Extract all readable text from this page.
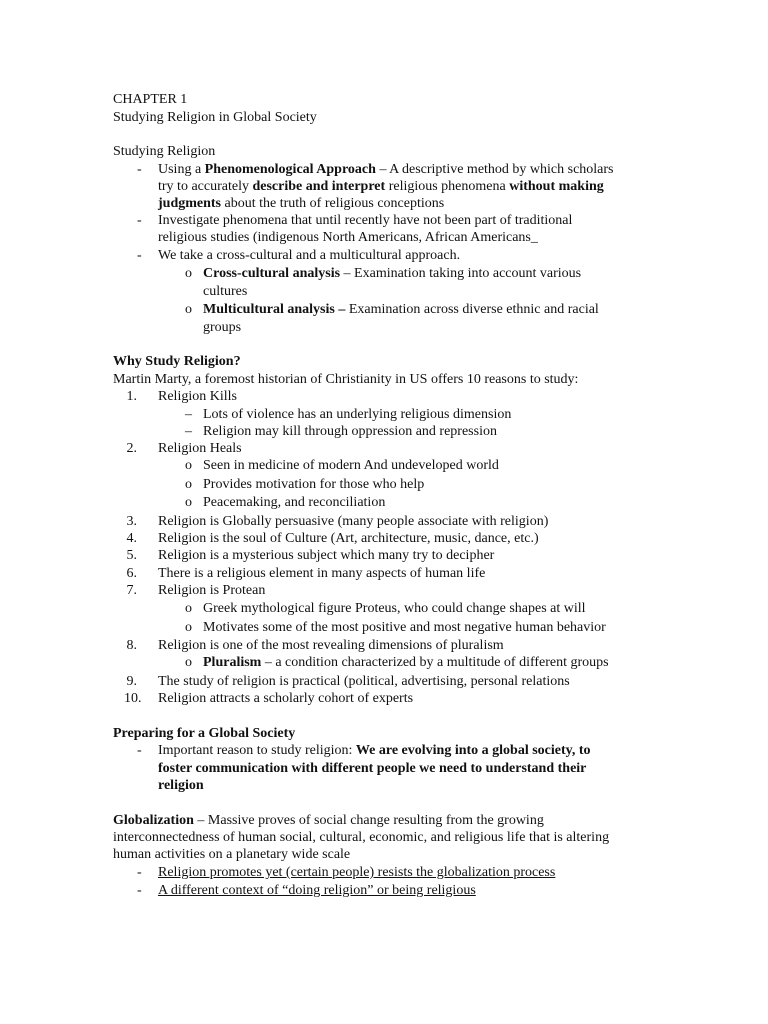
CHAPTER 1
Studying Religion in Global Society
Studying Religion
- Using a Phenomenological Approach – A descriptive method by which scholars
try to accurately describe and interpret religious phenomena without making
judgments about the truth of religious conceptions
- Investigate phenomena that until recently have not been part of traditional
religious studies (indigenous North Americans, African Americans_
- We take a cross-cultural and a multicultural approach.
o Cross-cultural analysis – Examination taking into account various
cultures
o Multicultural analysis – Examination across diverse ethnic and racial
groups
Why Study Religion?
Martin Marty, a foremost historian of Christianity in US offers 10 reasons to study:
1. Religion Kills
– Lots of violence has an underlying religious dimension
– Religion may kill through oppression and repression
2. Religion Heals
o Seen in medicine of modern And undeveloped world
o Provides motivation for those who help
o Peacemaking, and reconciliation
3. Religion is Globally persuasive (many people associate with religion)
4. Religion is the soul of Culture (Art, architecture, music, dance, etc.)
5. Religion is a mysterious subject which many try to decipher
6. There is a religious element in many aspects of human life
7. Religion is Protean
o Greek mythological figure Proteus, who could change shapes at will
o Motivates some of the most positive and most negative human behavior
8. Religion is one of the most revealing dimensions of pluralism
o Pluralism – a condition characterized by a multitude of different groups
9. The study of religion is practical (political, advertising, personal relations
10. Religion attracts a scholarly cohort of experts
Preparing for a Global Society
- Important reason to study religion: We are evolving into a global society, to
foster communication with different people we need to understand their
religion
Globalization – Massive proves of social change resulting from the growing
interconnectedness of human social, cultural, economic, and religious life that is altering
human activities on a planetary wide scale
- Religion promotes yet (certain people) resists the globalization process
- A different context of “doing religion” or being religious
